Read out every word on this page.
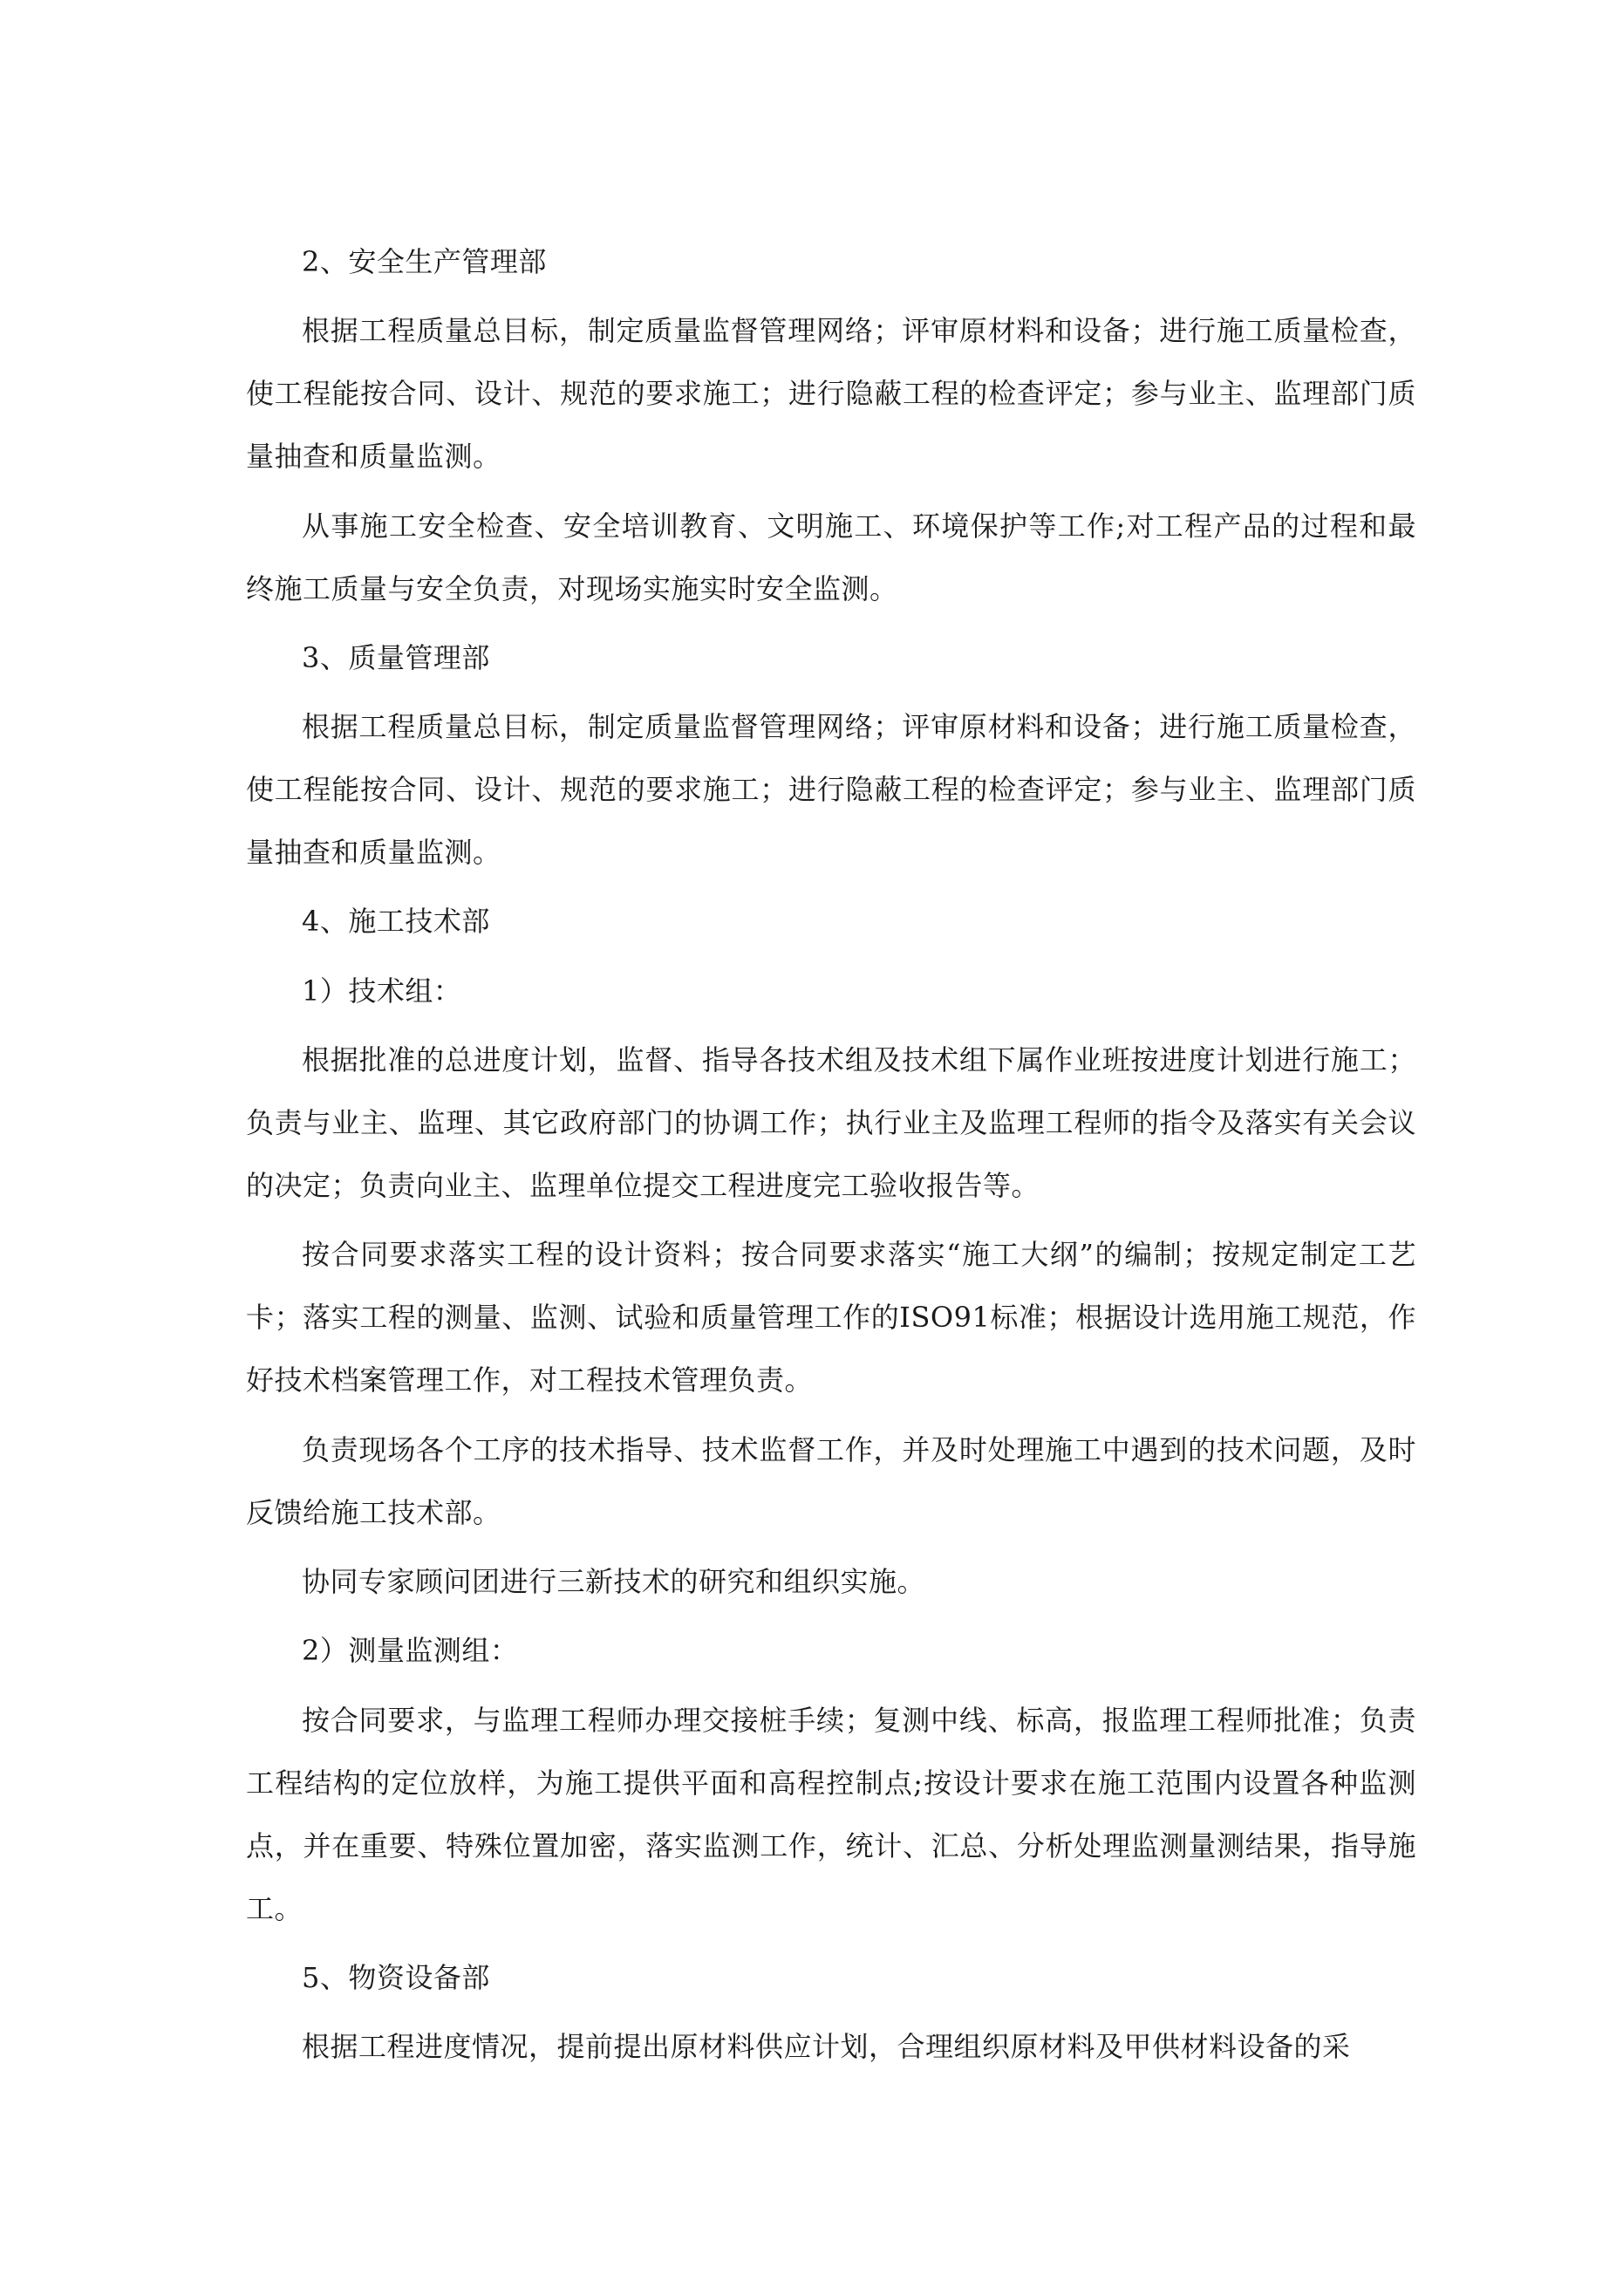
2、安全生产管理部

根据工程质量总目标，制定质量监督管理网络；评审原材料和设备；进行施工质量检查，使工程能按合同、设计、规范的要求施工；进行隐蔽工程的检查评定；参与业主、监理部门质量抽查和质量监测。

从事施工安全检查、安全培训教育、文明施工、环境保护等工作;对工程产品的过程和最终施工质量与安全负责，对现场实施实时安全监测。

3、质量管理部

根据工程质量总目标，制定质量监督管理网络；评审原材料和设备；进行施工质量检查，使工程能按合同、设计、规范的要求施工；进行隐蔽工程的检查评定；参与业主、监理部门质量抽查和质量监测。

4、施工技术部

1）技术组：

根据批准的总进度计划，监督、指导各技术组及技术组下属作业班按进度计划进行施工；负责与业主、监理、其它政府部门的协调工作；执行业主及监理工程师的指令及落实有关会议的决定；负责向业主、监理单位提交工程进度完工验收报告等。

按合同要求落实工程的设计资料；按合同要求落实“施工大纲”的编制；按规定制定工艺卡；落实工程的测量、监测、试验和质量管理工作的ISO91标准；根据设计选用施工规范，作好技术档案管理工作，对工程技术管理负责。

负责现场各个工序的技术指导、技术监督工作，并及时处理施工中遇到的技术问题，及时反馈给施工技术部。

协同专家顾问团进行三新技术的研究和组织实施。

2）测量监测组：

按合同要求，与监理工程师办理交接桩手续；复测中线、标高，报监理工程师批准；负责工程结构的定位放样，为施工提供平面和高程控制点;按设计要求在施工范围内设置各种监测点，并在重要、特殊位置加密，落实监测工作，统计、汇总、分析处理监测量测结果，指导施工。

5、物资设备部

根据工程进度情况，提前提出原材料供应计划，合理组织原材料及甲供材料设备的采
